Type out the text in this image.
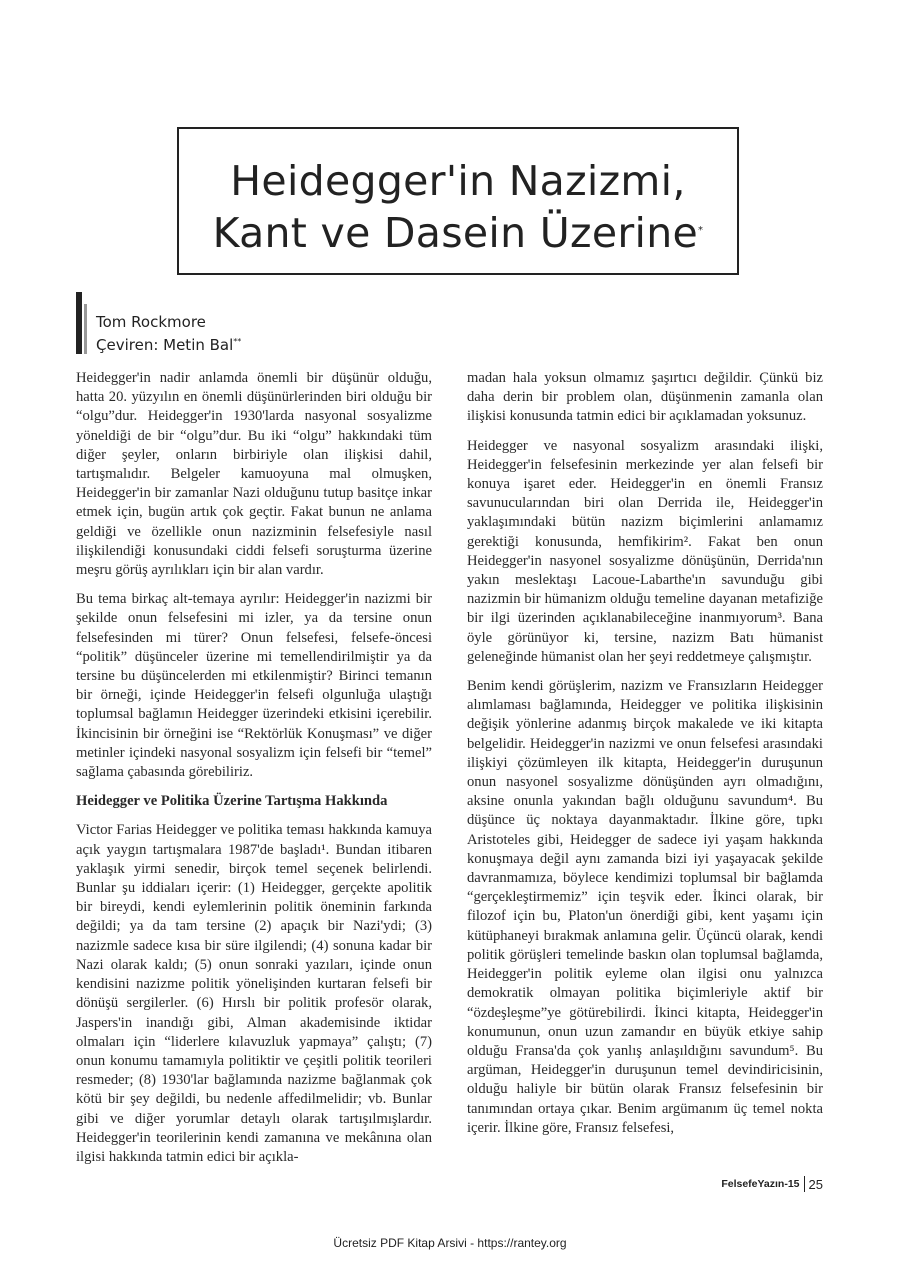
Heidegger'in Nazizmi,
Kant ve Dasein Üzerine*
Tom Rockmore
Çeviren: Metin Bal**

Heidegger'in nadir anlamda önemli bir düşünür olduğu, hatta 20. yüzyılın en önemli düşünürlerinden biri olduğu bir “olgu”dur. Heidegger'in 1930'larda nasyonal sosyalizme yöneldiği de bir “olgu”dur. Bu iki “olgu” hakkındaki tüm diğer şeyler, onların birbiriyle olan ilişkisi dahil, tartışmalıdır. Belgeler kamuoyuna mal olmuşken, Heidegger'in bir zamanlar Nazi olduğunu tutup basitçe inkar etmek için, bugün artık çok geçtir. Fakat bunun ne anlama geldiği ve özellikle onun nazizminin felsefesiyle nasıl ilişkilendiği konusundaki ciddi felsefi soruşturma üzerine meşru görüş ayrılıkları için bir alan vardır.

Bu tema birkaç alt-temaya ayrılır: Heidegger'in nazizmi bir şekilde onun felsefesini mi izler, ya da tersine onun felsefesinden mi türer? Onun felsefesi, felsefe-öncesi “politik” düşünceler üzerine mi temellendirilmiştir ya da tersine bu düşüncelerden mi etkilenmiştir? Birinci temanın bir örneği, içinde Heidegger'in felsefi olgunluğa ulaştığı toplumsal bağlamın Heidegger üzerindeki etkisini içerebilir. İkincisinin bir örneğini ise “Rektörlük Konuşması” ve diğer metinler içindeki nasyonal sosyalizm için felsefi bir “temel” sağlama çabasında görebiliriz.

Heidegger ve Politika Üzerine Tartışma Hakkında

Victor Farias Heidegger ve politika teması hakkında kamuya açık yaygın tartışmalara 1987'de başladı¹. Bundan itibaren yaklaşık yirmi senedir, birçok temel seçenek belirlendi. Bunlar şu iddiaları içerir: (1) Heidegger, gerçekte apolitik bir bireydi, kendi eylemlerinin politik öneminin farkında değildi; ya da tam tersine (2) apaçık bir Nazi'ydi; (3) nazizmle sadece kısa bir süre ilgilendi; (4) sonuna kadar bir Nazi olarak kaldı; (5) onun sonraki yazıları, içinde onun kendisini nazizme politik yönelişinden kurtaran felsefi bir dönüşü sergilerler. (6) Hırslı bir politik profesör olarak, Jaspers'in inandığı gibi, Alman akademisinde iktidar olmaları için “liderlere kılavuzluk yapmaya” çalıştı; (7) onun konumu tamamıyla politiktir ve çeşitli politik teorileri resmeder; (8) 1930'lar bağlamında nazizme bağlanmak çok kötü bir şey değildi, bu nedenle affedilmelidir; vb. Bunlar gibi ve diğer yorumlar detaylı olarak tartışılmışlardır. Heidegger'in teorilerinin kendi zamanına ve mekânına olan ilgisi hakkında tatmin edici bir açıkla-

madan hala yoksun olmamız şaşırtıcı değildir. Çünkü biz daha derin bir problem olan, düşünmenin zamanla olan ilişkisi konusunda tatmin edici bir açıklamadan yoksunuz.

Heidegger ve nasyonal sosyalizm arasındaki ilişki, Heidegger'in felsefesinin merkezinde yer alan felsefi bir konuya işaret eder. Heidegger'in en önemli Fransız savunucularından biri olan Derrida ile, Heidegger'in yaklaşımındaki bütün nazizm biçimlerini anlamamız gerektiği konusunda, hemfikirim². Fakat ben onun Heidegger'in nasyonel sosyalizme dönüşünün, Derrida'nın yakın meslektaşı Lacoue-Labarthe'ın savunduğu gibi nazizmin bir hümanizm olduğu temeline dayanan metafiziğe bir ilgi üzerinden açıklanabileceğine inanmıyorum³. Bana öyle görünüyor ki, tersine, nazizm Batı hümanist geleneğinde hümanist olan her şeyi reddetmeye çalışmıştır.

Benim kendi görüşlerim, nazizm ve Fransızların Heidegger alımlaması bağlamında, Heidegger ve politika ilişkisinin değişik yönlerine adanmış birçok makalede ve iki kitapta belgelidir. Heidegger'in nazizmi ve onun felsefesi arasındaki ilişkiyi çözümleyen ilk kitapta, Heidegger'in duruşunun onun nasyonel sosyalizme dönüşünden ayrı olmadığını, aksine onunla yakından bağlı olduğunu savundum⁴. Bu düşünce üç noktaya dayanmaktadır. İlkine göre, tıpkı Aristoteles gibi, Heidegger de sadece iyi yaşam hakkında konuşmaya değil aynı zamanda bizi iyi yaşayacak şekilde davranmamıza, böylece kendimizi toplumsal bir bağlamda “gerçekleştirmemiz” için teşvik eder. İkinci olarak, bir filozof için bu, Platon'un önerdiği gibi, kent yaşamı için kütüphaneyi bırakmak anlamına gelir. Üçüncü olarak, kendi politik görüşleri temelinde baskın olan toplumsal bağlamda, Heidegger'in politik eyleme olan ilgisi onu yalnızca demokratik olmayan politika biçimleriyle aktif bir “özdeşleşme”ye götürebilirdi. İkinci kitapta, Heidegger'in konumunun, onun uzun zamandır en büyük etkiye sahip olduğu Fransa'da çok yanlış anlaşıldığını savundum⁵. Bu argüman, Heidegger'in duruşunun temel devindiricisinin, olduğu haliyle bir bütün olarak Fransız felsefesinin bir tanımından ortaya çıkar. Benim argümanım üç temel nokta içerir. İlkine göre, Fransız felsefesi,

FelsefeYazın-15 25
Ücretsiz PDF Kitap Arsivi - https://rantey.org
